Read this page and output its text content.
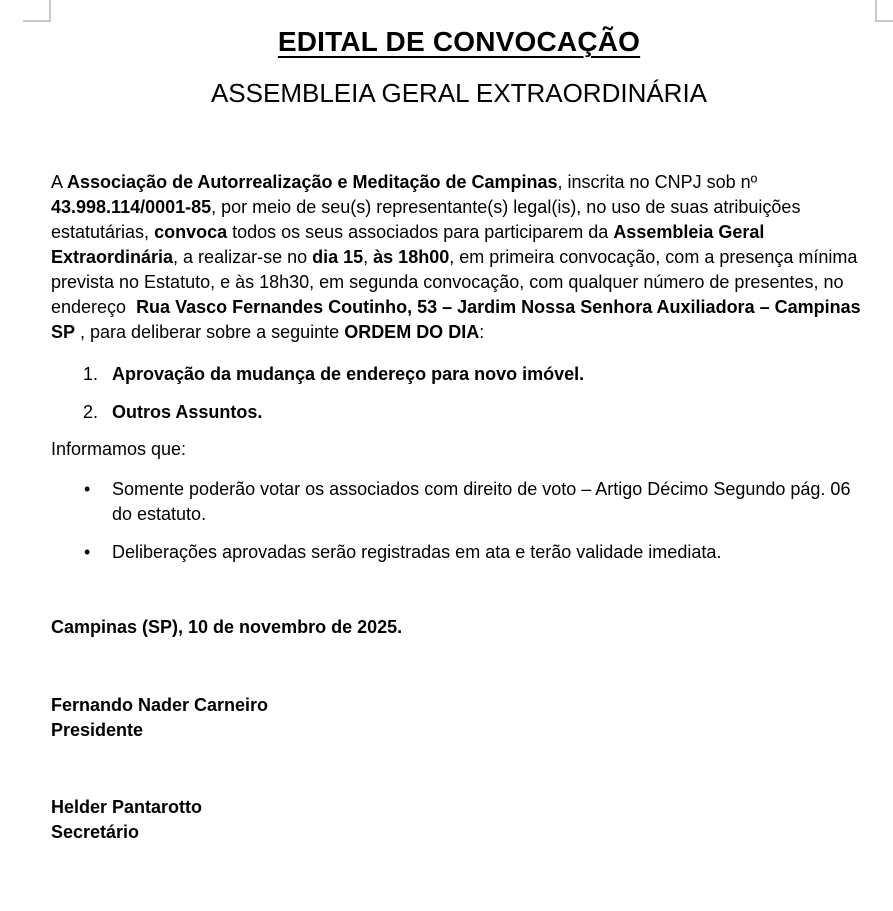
EDITAL DE CONVOCAÇÃO
ASSEMBLEIA GERAL EXTRAORDINÁRIA

A Associação de Autorrealização e Meditação de Campinas, inscrita no CNPJ sob nº 43.998.114/0001-85, por meio de seu(s) representante(s) legal(is), no uso de suas atribuições estatutárias, convoca todos os seus associados para participarem da Assembleia Geral Extraordinária, a realizar-se no dia 15, às 18h00, em primeira convocação, com a presença mínima prevista no Estatuto, e às 18h30, em segunda convocação, com qualquer número de presentes, no endereço  Rua Vasco Fernandes Coutinho, 53 – Jardim Nossa Senhora Auxiliadora – Campinas SP , para deliberar sobre a seguinte ORDEM DO DIA:

1. Aprovação da mudança de endereço para novo imóvel.
2. Outros Assuntos.

Informamos que:

•	Somente poderão votar os associados com direito de voto – Artigo Décimo Segundo pág. 06 do estatuto.
•	Deliberações aprovadas serão registradas em ata e terão validade imediata.

Campinas (SP), 10 de novembro de 2025.

Fernando Nader Carneiro
Presidente
Helder Pantarotto
Secretário
